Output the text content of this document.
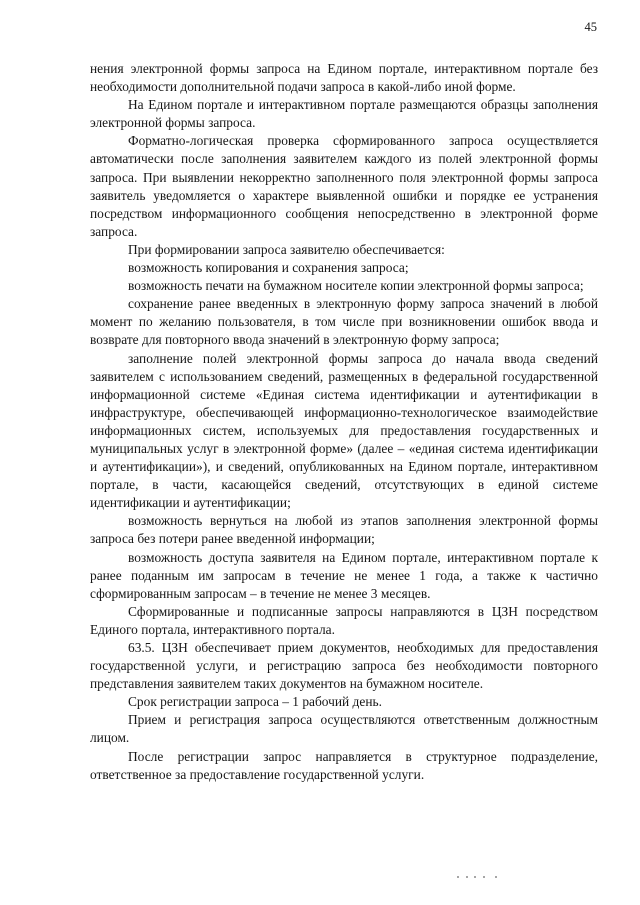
45

нения электронной формы запроса на Едином портале, интерактивном портале без необходимости дополнительной подачи запроса в какой-либо иной форме.

На Едином портале и интерактивном портале размещаются образцы заполнения электронной формы запроса.

Форматно-логическая проверка сформированного запроса осуществляется автоматически после заполнения заявителем каждого из полей электронной формы запроса. При выявлении некорректно заполненного поля электронной формы запроса заявитель уведомляется о характере выявленной ошибки и порядке ее устранения посредством информационного сообщения непосредственно в электронной форме запроса.

При формировании запроса заявителю обеспечивается:

возможность копирования и сохранения запроса;

возможность печати на бумажном носителе копии электронной формы запроса;

сохранение ранее введенных в электронную форму запроса значений в любой момент по желанию пользователя, в том числе при возникновении ошибок ввода и возврате для повторного ввода значений в электронную форму запроса;

заполнение полей электронной формы запроса до начала ввода сведений заявителем с использованием сведений, размещенных в федеральной государственной информационной системе «Единая система идентификации и аутентификации в инфраструктуре, обеспечивающей информационно-технологическое взаимодействие информационных систем, используемых для предоставления государственных и муниципальных услуг в электронной форме» (далее – «единая система идентификации и аутентификации»), и сведений, опубликованных на Едином портале, интерактивном портале, в части, касающейся сведений, отсутствующих в единой системе идентификации и аутентификации;

возможность вернуться на любой из этапов заполнения электронной формы запроса без потери ранее введенной информации;

возможность доступа заявителя на Едином портале, интерактивном портале к ранее поданным им запросам в течение не менее 1 года, а также к частично сформированным запросам – в течение не менее 3 месяцев.

Сформированные и подписанные запросы направляются в ЦЗН посредством Единого портала, интерактивного портала.

63.5. ЦЗН обеспечивает прием документов, необходимых для предоставления государственной услуги, и регистрацию запроса без необходимости повторного представления заявителем таких документов на бумажном носителе.

Срок регистрации запроса – 1 рабочий день.

Прием и регистрация запроса осуществляются ответственным должностным лицом.

После регистрации запрос направляется в структурное подразделение, ответственное за предоставление государственной услуги.
